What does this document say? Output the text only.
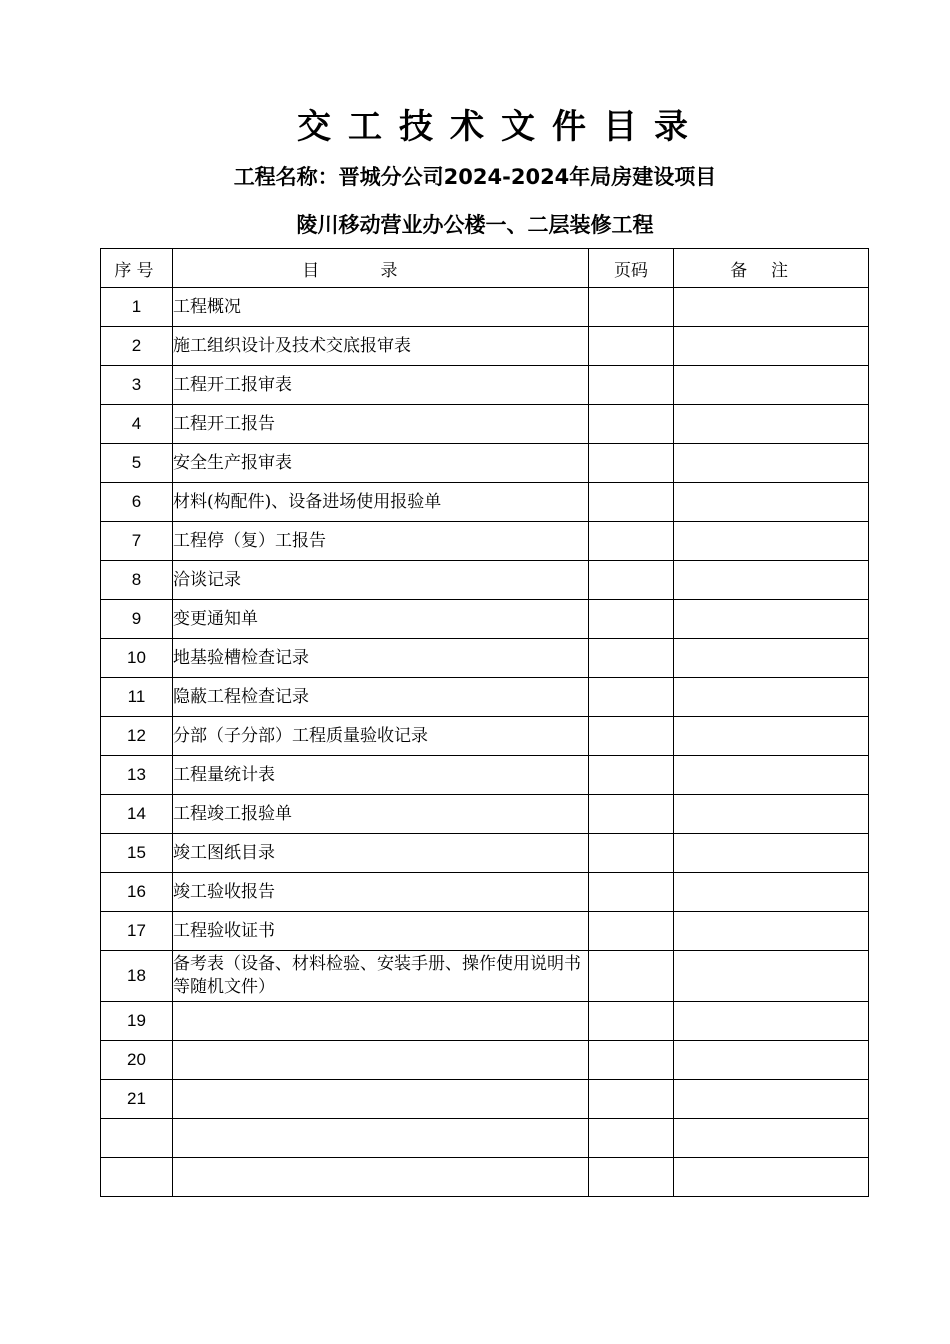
交工技术文件目录
工程名称：晋城分公司2024-2024年局房建设项目
陵川移动营业办公楼一、二层装修工程
序号	目录	页码	备注
1	工程概况		
2	施工组织设计及技术交底报审表		
3	工程开工报审表		
4	工程开工报告		
5	安全生产报审表		
6	材料(构配件)、设备进场使用报验单		
7	工程停（复）工报告		
8	洽谈记录		
9	变更通知单		
10	地基验槽检查记录		
11	隐蔽工程检查记录		
12	分部（子分部）工程质量验收记录		
13	工程量统计表		
14	工程竣工报验单		
15	竣工图纸目录		
16	竣工验收报告		
17	工程验收证书		
18	备考表（设备、材料检验、安装手册、操作使用说明书等随机文件）		
19			
20			
21			
